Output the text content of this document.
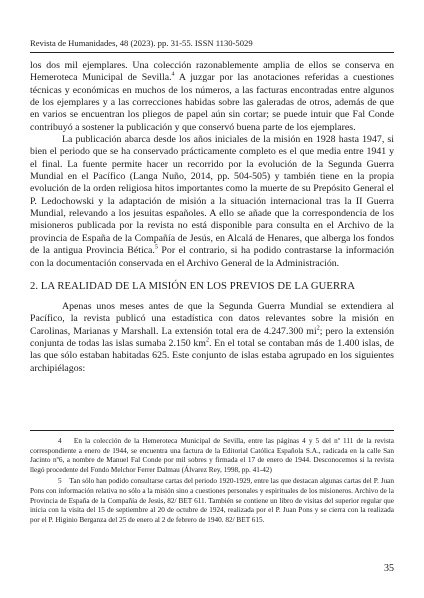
Revista de Humanidades, 48 (2023). pp. 31-55. ISSN 1130-5029

los dos mil ejemplares. Una colección razonablemente amplia de ellos se conserva en Hemeroteca Municipal de Sevilla.$^4$ A juzgar por las anotaciones referidas a cuestiones técnicas y económicas en muchos de los números, a las facturas encontradas entre algunos de los ejemplares y a las correcciones habidas sobre las galeradas de otros, además de que en varios se encuentran los pliegos de papel aún sin cortar; se puede intuir que Fal Conde contribuyó a sostener la publicación y que conservó buena parte de los ejemplares.

La publicación abarca desde los años iniciales de la misión en 1928 hasta 1947, si bien el periodo que se ha conservado prácticamente completo es el que media entre 1941 y el final. La fuente permite hacer un recorrido por la evolución de la Segunda Guerra Mundial en el Pacífico (Langa Nuño, 2014, pp. 504-505) y también tiene en la propia evolución de la orden religiosa hitos importantes como la muerte de su Prepósito General el P. Ledochowski y la adaptación de misión a la situación internacional tras la II Guerra Mundial, relevando a los jesuitas españoles. A ello se añade que la correspondencia de los misioneros publicada por la revista no está disponible para consulta en el Archivo de la provincia de España de la Compañía de Jesús, en Alcalá de Henares, que alberga los fondos de la antigua Provincia Bética.$^5$ Por el contrario, si ha podido contrastarse la información con la documentación conservada en el Archivo General de la Administración.

2. LA REALIDAD DE LA MISIÓN EN LOS PREVIOS DE LA GUERRA

Apenas unos meses antes de que la Segunda Guerra Mundial se extendiera al Pacífico, la revista publicó una estadística con datos relevantes sobre la misión en Carolinas, Marianas y Marshall. La extensión total era de 4.247.300 $mi^2$; pero la extensión conjunta de todas las islas sumaba 2.150 $km^2$. En el total se contaban más de 1.400 islas, de las que sólo estaban habitadas 625. Este conjunto de islas estaba agrupado en los siguientes archipiélagos:

4    En la colección de la Hemeroteca Municipal de Sevilla, entre las páginas 4 y 5 del nº 111 de la revista correspondiente a enero de 1944, se encuentra una factura de la Editorial Católica Española S.A., radicada en la calle San Jacinto nº6, a nombre de Manuel Fal Conde por mil sobres y firmada el 17 de enero de 1944. Desconocemos si la revista llegó procedente del Fondo Melchor Ferrer Dalmau (Álvarez Rey, 1998, pp. 41-42)

5    Tan sólo han podido consultarse cartas del periodo 1920-1929, entre las que destacan algunas cartas del P. Juan Pons con información relativa no sólo a la misión sino a cuestiones personales y espirituales de los misioneros. Archivo de la Provincia de España de la Compañía de Jesús, 82/ BET 611. También se contiene un libro de visitas del superior regular que inicia con la visita del 15 de septiembre al 20 de octubre de 1924, realizada por el P. Juan Pons y se cierra con la realizada por el P. Higinio Berganza del 25 de enero al 2 de febrero de 1940. 82/ BET 615.

35
